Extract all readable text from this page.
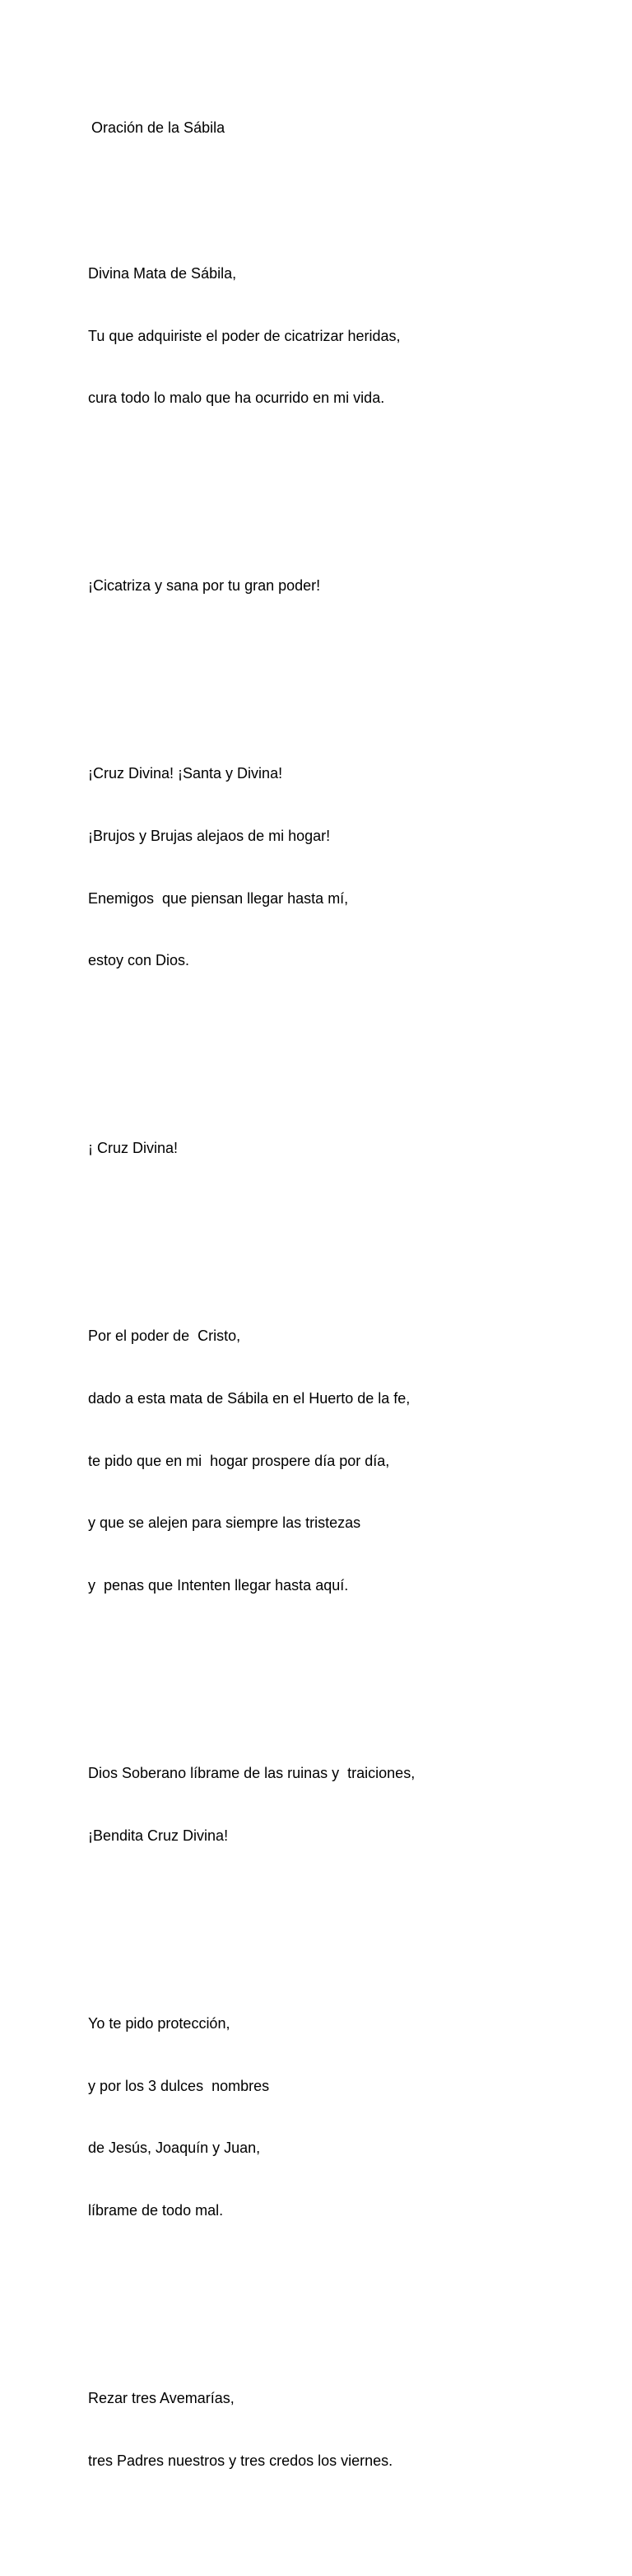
Oración de la Sábila

Divina Mata de Sábila,

Tu que adquiriste el poder de cicatrizar heridas,

cura todo lo malo que ha ocurrido en mi vida.

¡Cicatriza y sana por tu gran poder!

¡Cruz Divina! ¡Santa y Divina!

¡Brujos y Brujas alejaos de mi hogar!

Enemigos  que piensan llegar hasta mí,

estoy con Dios.

¡ Cruz Divina!

Por el poder de  Cristo,

dado a esta mata de Sábila en el Huerto de la fe,

te pido que en mi  hogar prospere día por día,

y que se alejen para siempre las tristezas

y  penas que Intenten llegar hasta aquí.

Dios Soberano líbrame de las ruinas y  traiciones,

¡Bendita Cruz Divina!

Yo te pido protección,

y por los 3 dulces  nombres

de Jesús, Joaquín y Juan,

líbrame de todo mal.

Rezar tres Avemarías,

tres Padres nuestros y tres credos los viernes.
